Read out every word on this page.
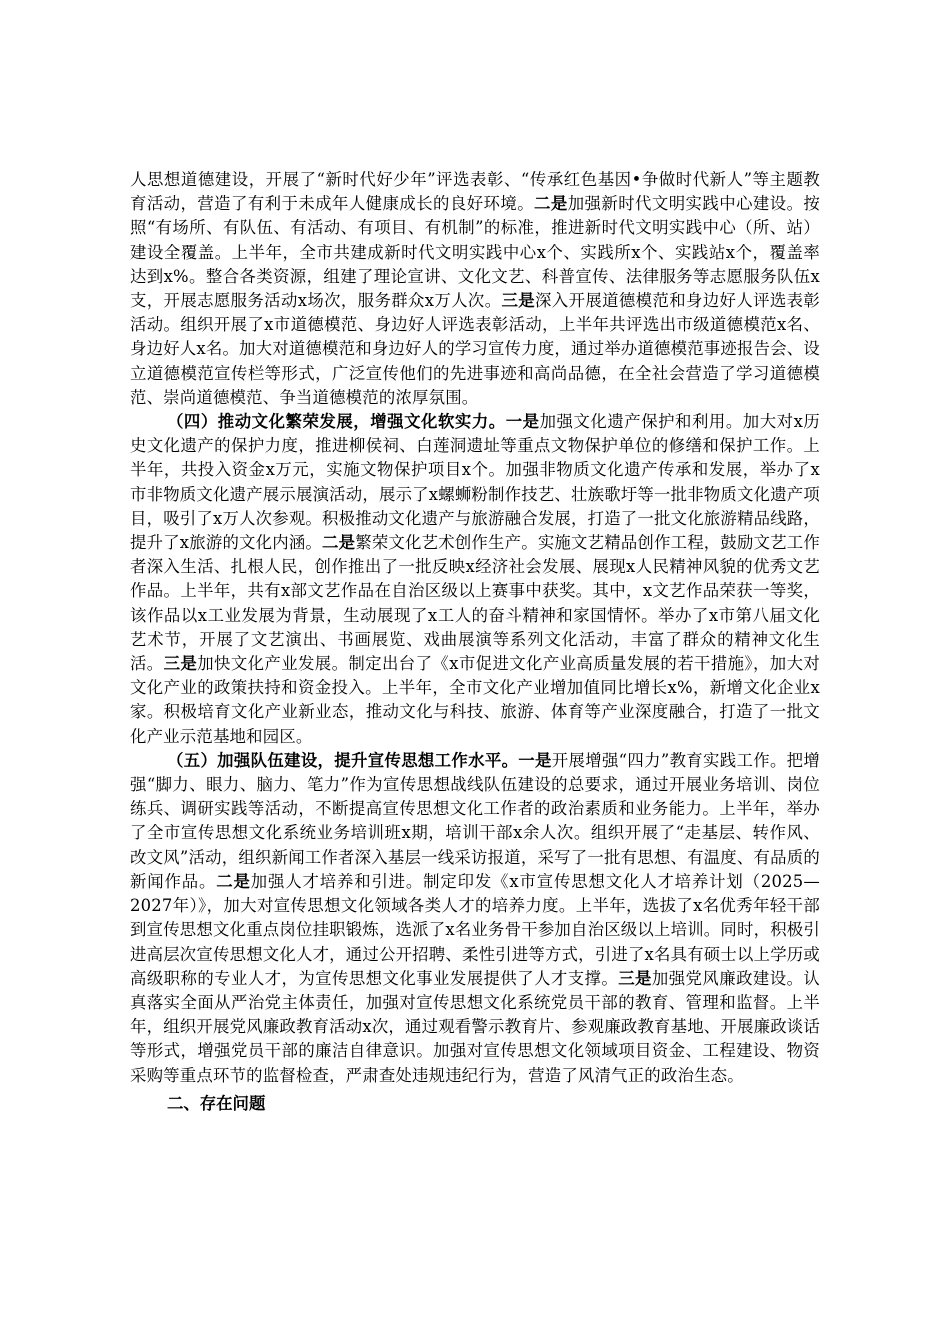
人思想道德建设，开展了“新时代好少年”评选表彰、“传承红色基因•争做时代新人”等主题教育活动，营造了有利于未成年人健康成长的良好环境。二是加强新时代文明实践中心建设。按照“有场所、有队伍、有活动、有项目、有机制”的标准，推进新时代文明实践中心（所、站）建设全覆盖。上半年，全市共建成新时代文明实践中心x个、实践所x个、实践站x个，覆盖率达到x%。整合各类资源，组建了理论宣讲、文化文艺、科普宣传、法律服务等志愿服务队伍x支，开展志愿服务活动x场次，服务群众x万人次。三是深入开展道德模范和身边好人评选表彰活动。组织开展了x市道德模范、身边好人评选表彰活动，上半年共评选出市级道德模范x名、身边好人x名。加大对道德模范和身边好人的学习宣传力度，通过举办道德模范事迹报告会、设立道德模范宣传栏等形式，广泛宣传他们的先进事迹和高尚品德，在全社会营造了学习道德模范、崇尚道德模范、争当道德模范的浓厚氛围。

（四）推动文化繁荣发展，增强文化软实力。一是加强文化遗产保护和利用。加大对x历史文化遗产的保护力度，推进柳侯祠、白莲洞遗址等重点文物保护单位的修缮和保护工作。上半年，共投入资金x万元，实施文物保护项目x个。加强非物质文化遗产传承和发展，举办了x市非物质文化遗产展示展演活动，展示了x螺蛳粉制作技艺、壮族歌圩等一批非物质文化遗产项目，吸引了x万人次参观。积极推动文化遗产与旅游融合发展，打造了一批文化旅游精品线路，提升了x旅游的文化内涵。二是繁荣文化艺术创作生产。实施文艺精品创作工程，鼓励文艺工作者深入生活、扎根人民，创作推出了一批反映x经济社会发展、展现x人民精神风貌的优秀文艺作品。上半年，共有x部文艺作品在自治区级以上赛事中获奖。其中，x文艺作品荣获一等奖，该作品以x工业发展为背景，生动展现了x工人的奋斗精神和家国情怀。举办了x市第八届文化艺术节，开展了文艺演出、书画展览、戏曲展演等系列文化活动，丰富了群众的精神文化生活。三是加快文化产业发展。制定出台了《x市促进文化产业高质量发展的若干措施》，加大对文化产业的政策扶持和资金投入。上半年，全市文化产业增加值同比增长x%，新增文化企业x家。积极培育文化产业新业态，推动文化与科技、旅游、体育等产业深度融合，打造了一批文化产业示范基地和园区。

（五）加强队伍建设，提升宣传思想工作水平。一是开展增强“四力”教育实践工作。把增强“脚力、眼力、脑力、笔力”作为宣传思想战线队伍建设的总要求，通过开展业务培训、岗位练兵、调研实践等活动，不断提高宣传思想文化工作者的政治素质和业务能力。上半年，举办了全市宣传思想文化系统业务培训班x期，培训干部x余人次。组织开展了“走基层、转作风、改文风”活动，组织新闻工作者深入基层一线采访报道，采写了一批有思想、有温度、有品质的新闻作品。二是加强人才培养和引进。制定印发《x市宣传思想文化人才培养计划（2025—2027年）》，加大对宣传思想文化领域各类人才的培养力度。上半年，选拔了x名优秀年轻干部到宣传思想文化重点岗位挂职锻炼，选派了x名业务骨干参加自治区级以上培训。同时，积极引进高层次宣传思想文化人才，通过公开招聘、柔性引进等方式，引进了x名具有硕士以上学历或高级职称的专业人才，为宣传思想文化事业发展提供了人才支撑。三是加强党风廉政建设。认真落实全面从严治党主体责任，加强对宣传思想文化系统党员干部的教育、管理和监督。上半年，组织开展党风廉政教育活动x次，通过观看警示教育片、参观廉政教育基地、开展廉政谈话等形式，增强党员干部的廉洁自律意识。加强对宣传思想文化领域项目资金、工程建设、物资采购等重点环节的监督检查，严肃查处违规违纪行为，营造了风清气正的政治生态。

二、存在问题
